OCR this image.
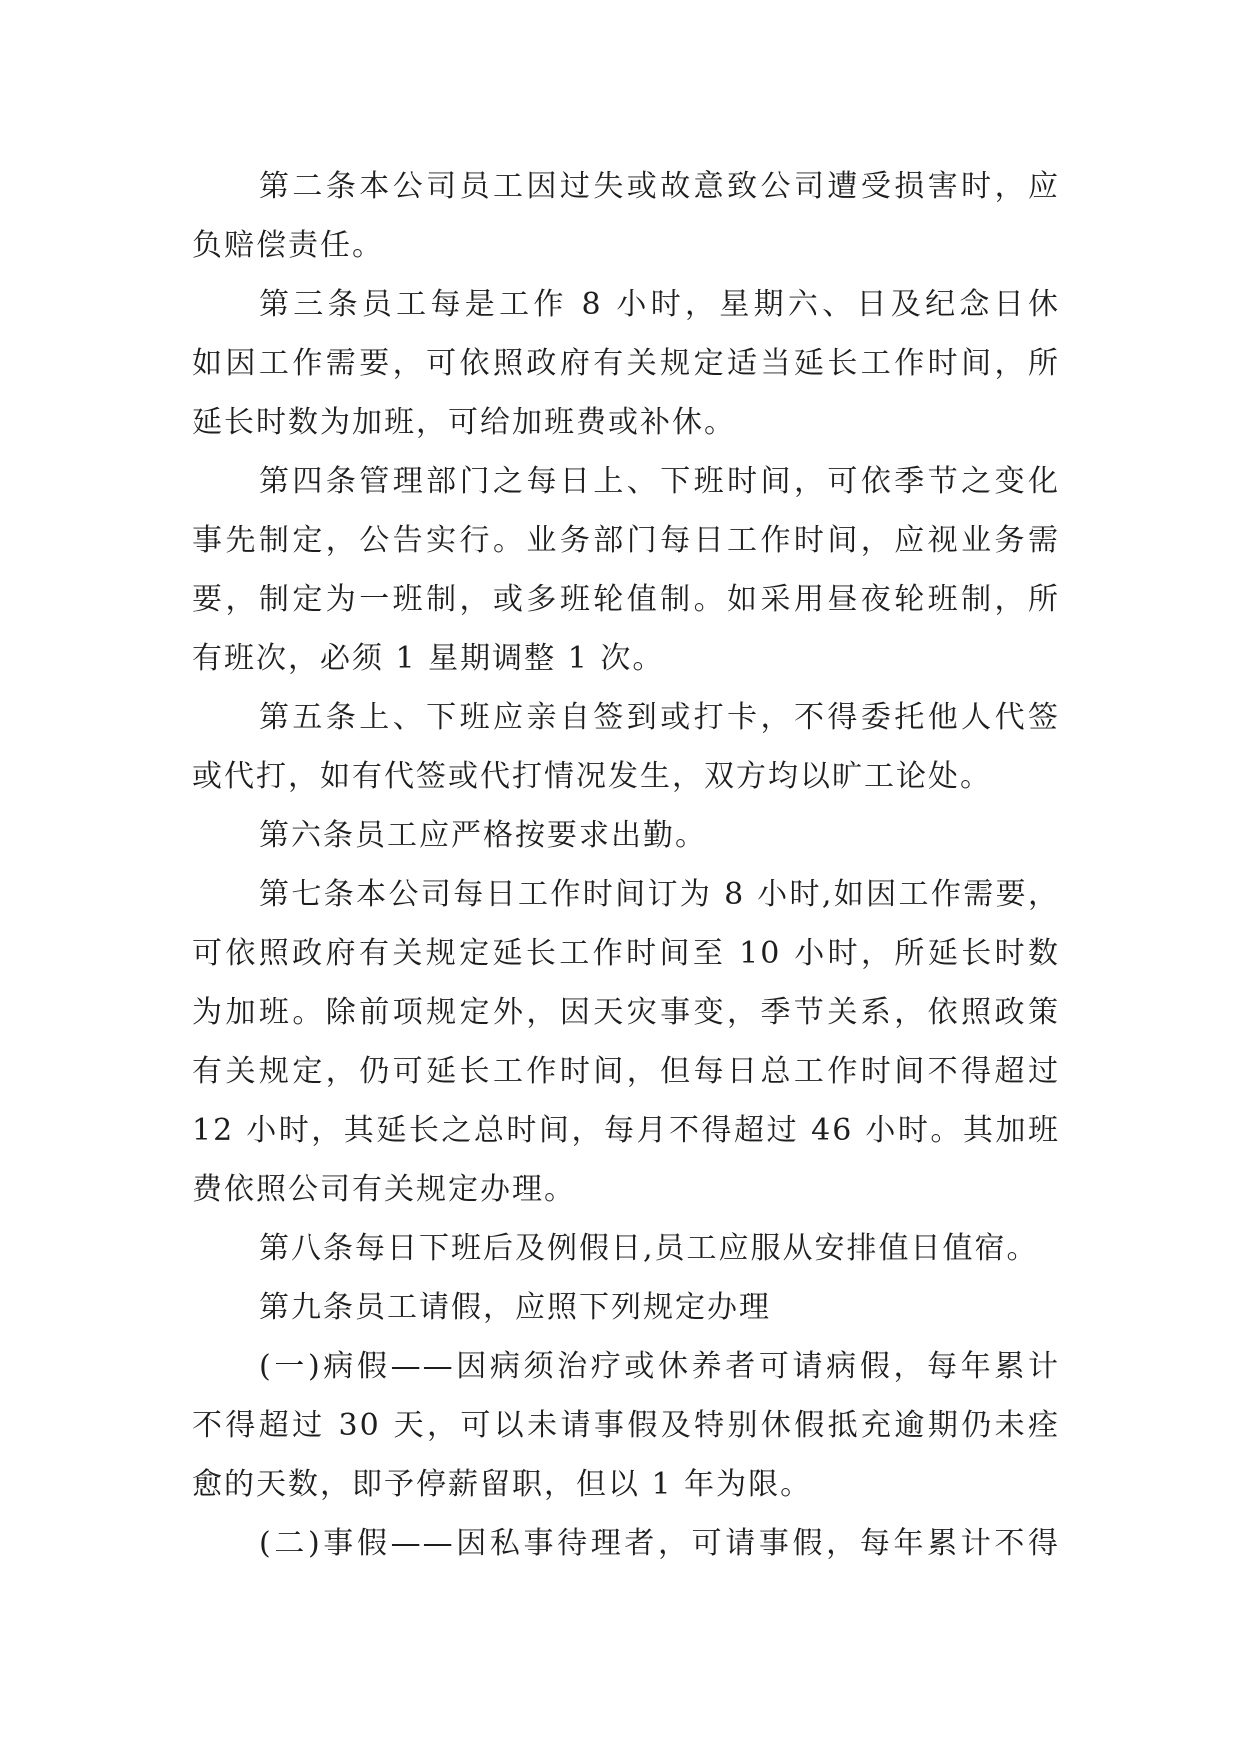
第二条本公司员工因过失或故意致公司遭受损害时，应
负赔偿责任。
第三条员工每是工作 8 小时，星期六、日及纪念日休
如因工作需要，可依照政府有关规定适当延长工作时间，所
延长时数为加班，可给加班费或补休。
第四条管理部门之每日上、下班时间，可依季节之变化
事先制定，公告实行。业务部门每日工作时间，应视业务需
要，制定为一班制，或多班轮值制。如采用昼夜轮班制，所
有班次，必须 1 星期调整 1 次。
第五条上、下班应亲自签到或打卡，不得委托他人代签
或代打，如有代签或代打情况发生，双方均以旷工论处。
第六条员工应严格按要求出勤。
第七条本公司每日工作时间订为 8 小时,如因工作需要，
可依照政府有关规定延长工作时间至 10 小时，所延长时数
为加班。除前项规定外，因天灾事变，季节关系，依照政策
有关规定，仍可延长工作时间，但每日总工作时间不得超过
12 小时，其延长之总时间，每月不得超过 46 小时。其加班
费依照公司有关规定办理。
第八条每日下班后及例假日,员工应服从安排值日值宿。
第九条员工请假，应照下列规定办理
(一)病假——因病须治疗或休养者可请病假，每年累计
不得超过 30 天，可以未请事假及特别休假抵充逾期仍未痊
愈的天数，即予停薪留职，但以 1 年为限。
(二)事假——因私事待理者，可请事假，每年累计不得
